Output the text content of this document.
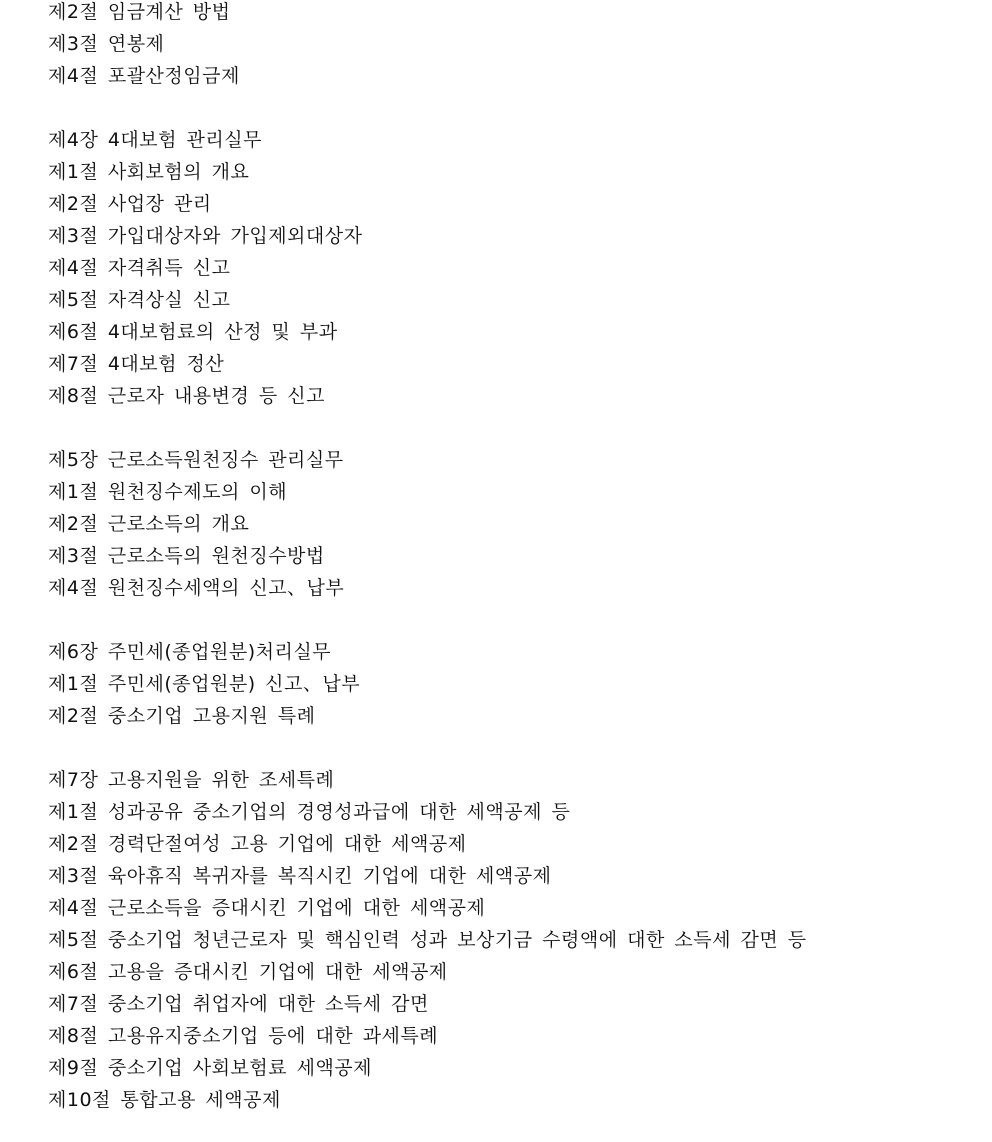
제2절 임금계산 방법
제3절 연봉제
제4절 포괄산정임금제
제4장 4대보험 관리실무
제1절 사회보험의 개요
제2절 사업장 관리
제3절 가입대상자와 가입제외대상자
제4절 자격취득 신고
제5절 자격상실 신고
제6절 4대보험료의 산정 및 부과
제7절 4대보험 정산
제8절 근로자 내용변경 등 신고
제5장 근로소득원천징수 관리실무
제1절 원천징수제도의 이해
제2절 근로소득의 개요
제3절 근로소득의 원천징수방법
제4절 원천징수세액의 신고、납부
제6장 주민세(종업원분)처리실무
제1절 주민세(종업원분) 신고、납부
제2절 중소기업 고용지원 특례
제7장 고용지원을 위한 조세특례
제1절 성과공유 중소기업의 경영성과급에 대한 세액공제 등
제2절 경력단절여성 고용 기업에 대한 세액공제
제3절 육아휴직 복귀자를 복직시킨 기업에 대한 세액공제
제4절 근로소득을 증대시킨 기업에 대한 세액공제
제5절 중소기업 청년근로자 및 핵심인력 성과 보상기금 수령액에 대한 소득세 감면 등
제6절 고용을 증대시킨 기업에 대한 세액공제
제7절 중소기업 취업자에 대한 소득세 감면
제8절 고용유지중소기업 등에 대한 과세특례
제9절 중소기업 사회보험료 세액공제
제10절 통합고용 세액공제
